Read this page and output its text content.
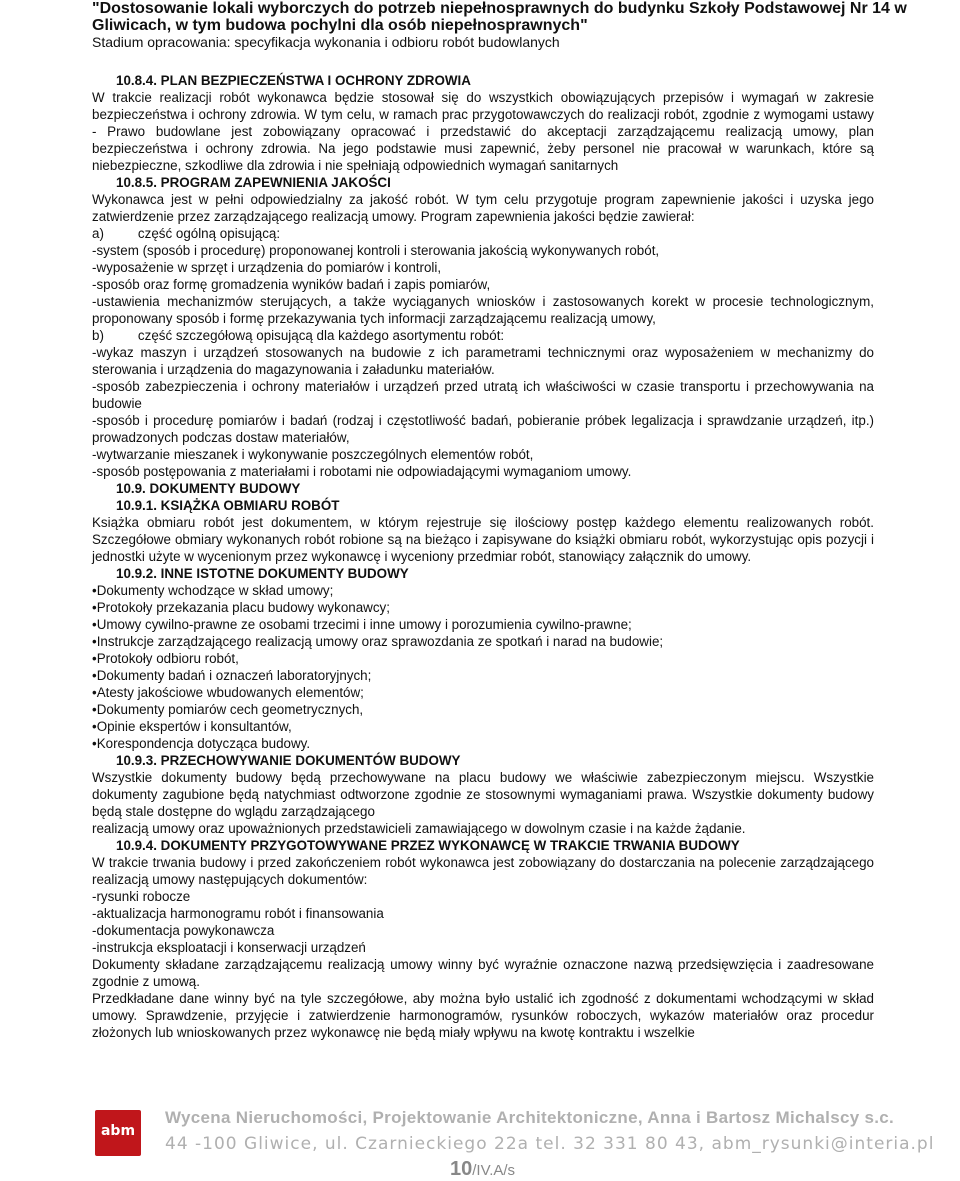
"Dostosowanie lokali wyborczych do potrzeb niepełnosprawnych do budynku Szkoły Podstawowej Nr 14 w
Gliwicach, w tym budowa pochylni dla osób niepełnosprawnych"
Stadium opracowania: specyfikacja wykonania i odbioru robót budowlanych

10.8.4. PLAN BEZPIECZEŃSTWA I OCHRONY ZDROWIA

W trakcie realizacji robót wykonawca będzie stosował się do wszystkich obowiązujących przepisów i wymagań w zakresie bezpieczeństwa i ochrony zdrowia. W tym celu, w ramach prac przygotowawczych do realizacji robót, zgodnie z wymogami ustawy - Prawo budowlane jest zobowiązany opracować i przedstawić do akceptacji zarządzającemu realizacją umowy, plan bezpieczeństwa i ochrony zdrowia. Na jego podstawie musi zapewnić, żeby personel nie pracował w warunkach, które są niebezpieczne, szkodliwe dla zdrowia i nie spełniają odpowiednich wymagań sanitarnych

10.8.5. PROGRAM ZAPEWNIENIA JAKOŚCI

Wykonawca jest w pełni odpowiedzialny za jakość robót. W tym celu przygotuje program zapewnienie jakości i uzyska jego zatwierdzenie przez zarządzającego realizacją umowy. Program zapewnienia jakości będzie zawierał:

a)	część ogólną opisującą:

-system (sposób i procedurę) proponowanej kontroli i sterowania jakością wykonywanych robót,

-wyposażenie w sprzęt i urządzenia do pomiarów i kontroli,

-sposób oraz formę gromadzenia wyników badań i zapis pomiarów,

-ustawienia mechanizmów sterujących, a także wyciąganych wniosków i zastosowanych korekt w procesie technologicznym, proponowany sposób i formę przekazywania tych informacji zarządzającemu realizacją umowy,

b)	część szczegółową opisującą dla każdego asortymentu robót:

-wykaz maszyn i urządzeń stosowanych na budowie z ich parametrami technicznymi oraz wyposażeniem w mechanizmy do sterowania i urządzenia do magazynowania i załadunku materiałów.

-sposób zabezpieczenia i ochrony materiałów i urządzeń przed utratą ich właściwości w czasie transportu i przechowywania na budowie

-sposób i procedurę pomiarów i badań (rodzaj i częstotliwość badań, pobieranie próbek legalizacja i sprawdzanie urządzeń, itp.) prowadzonych podczas dostaw materiałów,

-wytwarzanie mieszanek i wykonywanie poszczególnych elementów robót,

-sposób postępowania z materiałami i robotami nie odpowiadającymi wymaganiom umowy.

10.9. DOKUMENTY BUDOWY

10.9.1. KSIĄŻKA OBMIARU ROBÓT

Książka obmiaru robót jest dokumentem, w którym rejestruje się ilościowy postęp każdego elementu realizowanych robót. Szczegółowe obmiary wykonanych robót robione są na bieżąco i zapisywane do książki obmiaru robót, wykorzystując opis pozycji i jednostki użyte w wycenionym przez wykonawcę i wyceniony przedmiar robót, stanowiący załącznik do umowy.

10.9.2. INNE ISTOTNE DOKUMENTY BUDOWY

•Dokumenty wchodzące w skład umowy;

•Protokoły przekazania placu budowy wykonawcy;

•Umowy cywilno-prawne ze osobami trzecimi i inne umowy i porozumienia cywilno-prawne;

•Instrukcje zarządzającego realizacją umowy oraz sprawozdania ze spotkań i narad na budowie;

•Protokoły odbioru robót,

•Dokumenty badań i oznaczeń laboratoryjnych;

•Atesty jakościowe wbudowanych elementów;

•Dokumenty pomiarów cech geometrycznych,

•Opinie ekspertów i konsultantów,

•Korespondencja dotycząca budowy.

10.9.3. PRZECHOWYWANIE DOKUMENTÓW BUDOWY

Wszystkie dokumenty budowy będą przechowywane na placu budowy we właściwie zabezpieczonym miejscu. Wszystkie dokumenty zagubione będą natychmiast odtworzone zgodnie ze stosownymi wymaganiami prawa. Wszystkie dokumenty budowy będą stale dostępne do wglądu zarządzającego

realizacją umowy oraz upoważnionych przedstawicieli zamawiającego w dowolnym czasie i na każde żądanie.

10.9.4. DOKUMENTY PRZYGOTOWYWANE PRZEZ WYKONAWCĘ W TRAKCIE TRWANIA BUDOWY

W trakcie trwania budowy i przed zakończeniem robót wykonawca jest zobowiązany do dostarczania na polecenie zarządzającego realizacją umowy następujących dokumentów:

-rysunki robocze

-aktualizacja harmonogramu robót i finansowania

-dokumentacja powykonawcza

-instrukcja eksploatacji i konserwacji urządzeń

Dokumenty składane zarządzającemu realizacją umowy winny być wyraźnie oznaczone nazwą przedsięwzięcia i zaadresowane zgodnie z umową.

Przedkładane dane winny być na tyle szczegółowe, aby można było ustalić ich zgodność z dokumentami wchodzącymi w skład umowy. Sprawdzenie, przyjęcie i zatwierdzenie harmonogramów, rysunków roboczych, wykazów materiałów oraz procedur złożonych lub wnioskowanych przez wykonawcę nie będą miały wpływu na kwotę kontraktu i wszelkie

abm
Wycena Nieruchomości, Projektowanie Architektoniczne, Anna i Bartosz Michalscy s.c.
44 -100 Gliwice, ul. Czarnieckiego 22a tel. 32 331 80 43, abm_rysunki@interia.pl
10/IV.A/s
